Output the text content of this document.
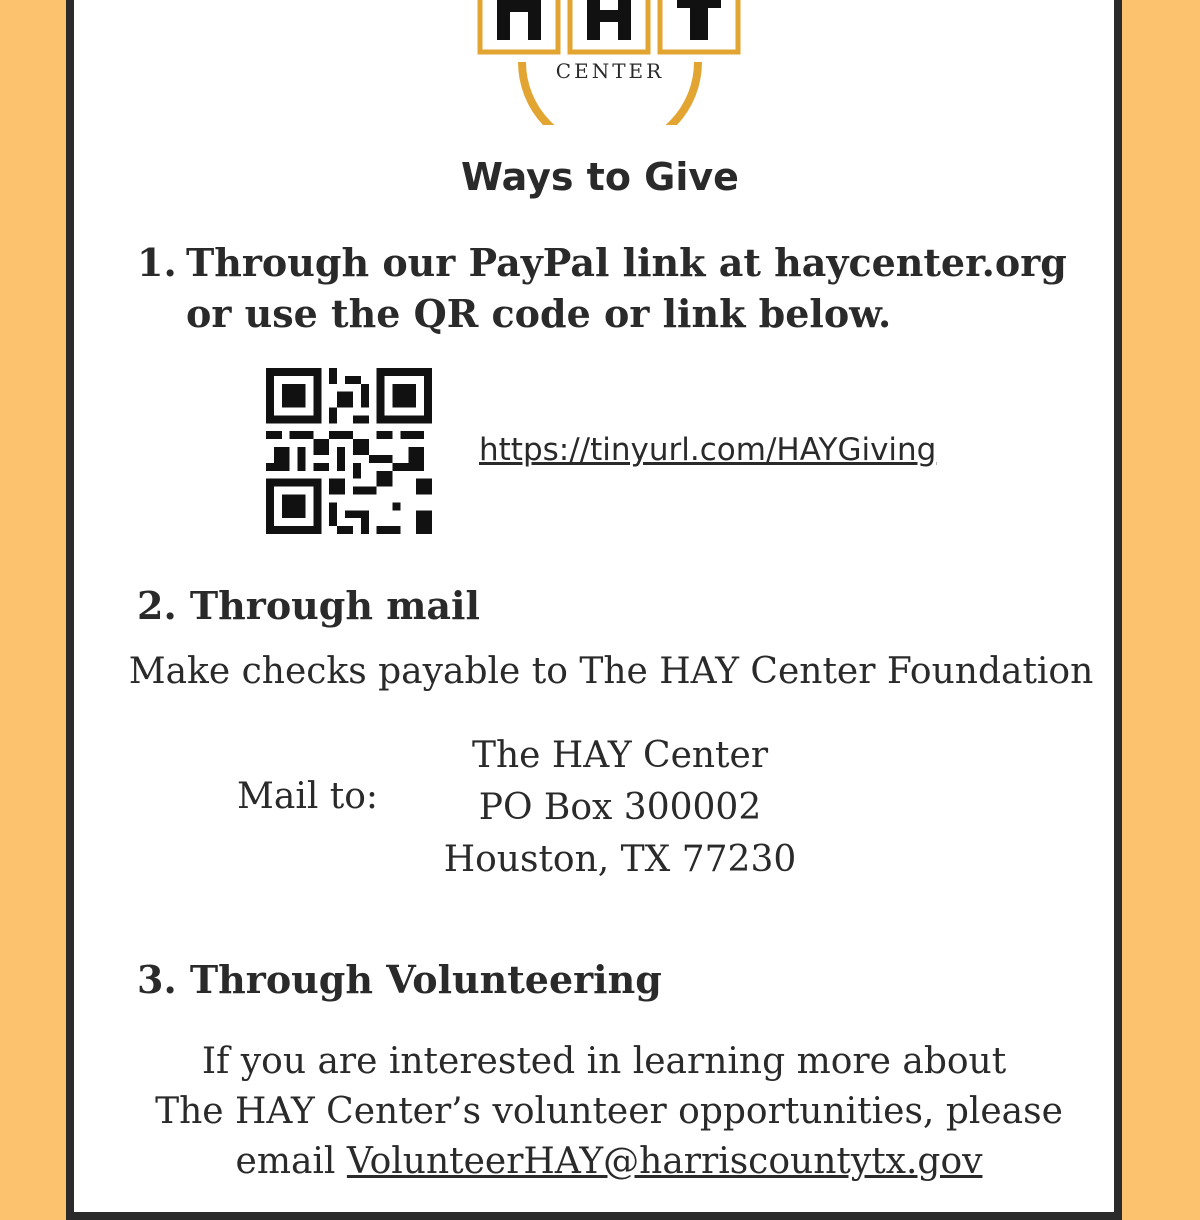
CENTER
Ways to Give
1. Through our PayPal link at haycenter.org
or use the QR code or link below.
https://tinyurl.com/HAYGiving
2. Through mail
Make checks payable to The HAY Center Foundation
Mail to:
The HAY Center
PO Box 300002
Houston, TX 77230
3. Through Volunteering
If you are interested in learning more about
The HAY Center’s volunteer opportunities, please
email VolunteerHAY@harriscountytx.gov
